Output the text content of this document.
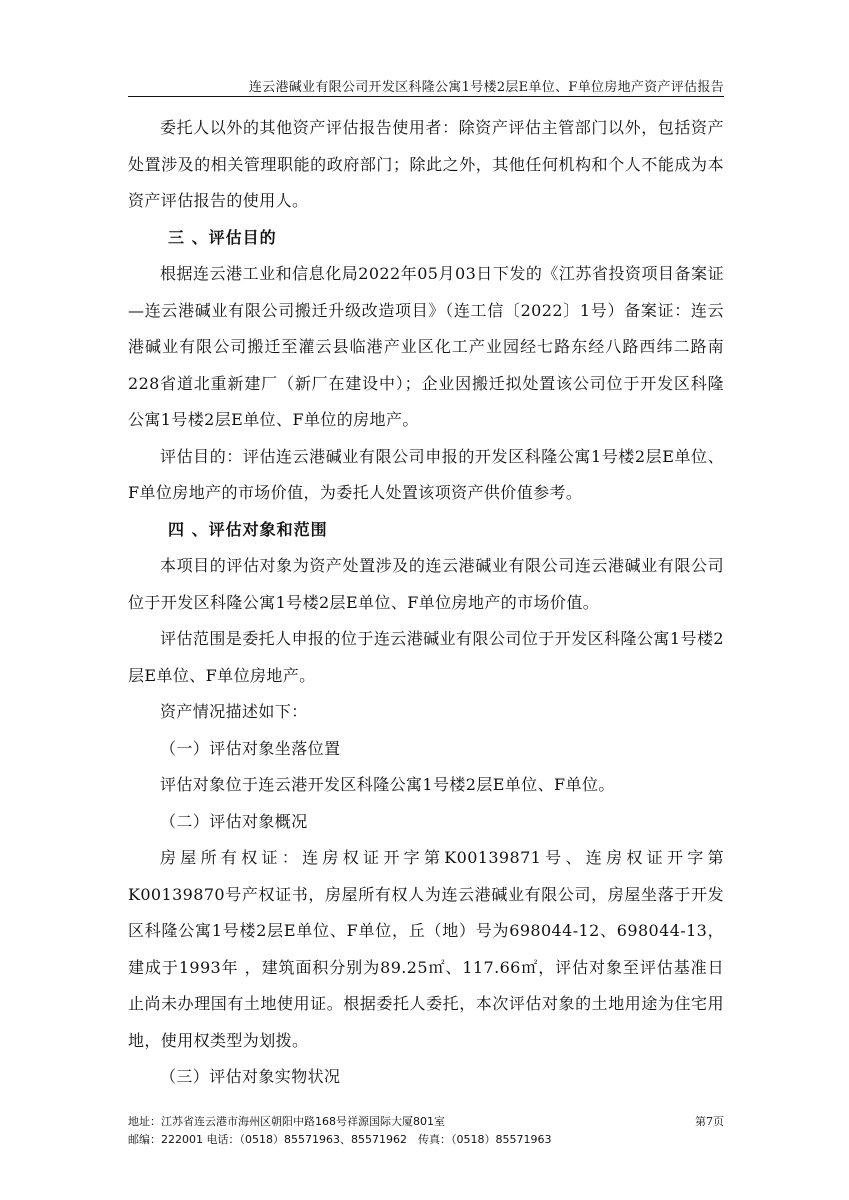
连云港碱业有限公司开发区科隆公寓1号楼2层E单位、F单位房地产资产评估报告

委托人以外的其他资产评估报告使用者：除资产评估主管部门以外，包括资产处置涉及的相关管理职能的政府部门；除此之外，其他任何机构和个人不能成为本资产评估报告的使用人。

三 、评估目的

根据连云港工业和信息化局2022年05月03日下发的《江苏省投资项目备案证—连云港碱业有限公司搬迁升级改造项目》（连工信〔2022〕1号）备案证：连云港碱业有限公司搬迁至灌云县临港产业区化工产业园经七路东经八路西纬二路南228省道北重新建厂（新厂在建设中）；企业因搬迁拟处置该公司位于开发区科隆公寓1号楼2层E单位、F单位的房地产。

评估目的：评估连云港碱业有限公司申报的开发区科隆公寓1号楼2层E单位、F单位房地产的市场价值，为委托人处置该项资产供价值参考。

四 、评估对象和范围

本项目的评估对象为资产处置涉及的连云港碱业有限公司连云港碱业有限公司位于开发区科隆公寓1号楼2层E单位、F单位房地产的市场价值。

评估范围是委托人申报的位于连云港碱业有限公司位于开发区科隆公寓1号楼2层E单位、F单位房地产。

资产情况描述如下：

（一）评估对象坐落位置

评估对象位于连云港开发区科隆公寓1号楼2层E单位、F单位。

（二）评估对象概况

房屋所有权证：连房权证开字第K00139871号、连房权证开字第K00139870号产权证书，房屋所有权人为连云港碱业有限公司，房屋坐落于开发区科隆公寓1号楼2层E单位、F单位，丘（地）号为698044-12、698044-13，建成于1993年 ，建筑面积分别为89.25㎡、117.66㎡，评估对象至评估基准日止尚未办理国有土地使用证。根据委托人委托，本次评估对象的土地用途为住宅用地，使用权类型为划拨。

（三）评估对象实物状况

地址：江苏省连云港市海州区朝阳中路168号祥源国际大厦801室
邮编：222001 电话：（0518）85571963、85571962　传真：（0518）85571963
第7页
